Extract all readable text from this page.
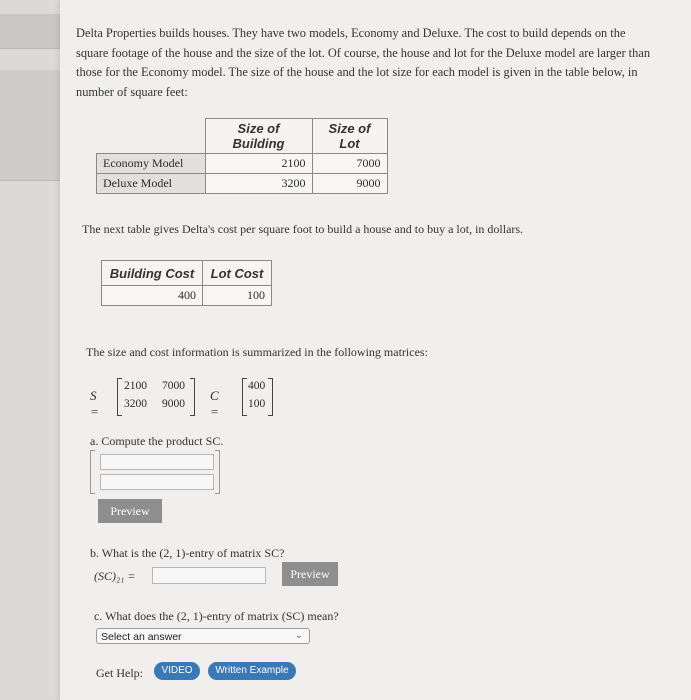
Delta Properties builds houses. They have two models, Economy and Deluxe. The cost to build depends on the square footage of the house and the size of the lot. Of course, the house and lot for the Deluxe model are larger than those for the Economy model. The size of the house and the lot size for each model is given in the table below, in number of square feet:
	Size of Building	Size of Lot
Economy Model	2100	7000
Deluxe Model	3200	9000
The next table gives Delta's cost per square foot to build a house and to buy a lot, in dollars.
Building Cost	Lot Cost
400	100
The size and cost information is summarized in the following matrices:
S =
2100 7000
3200 9000
C =
400
100
a. Compute the product SC.
Preview
b. What is the (2, 1)-entry of matrix SC?
(SC)₂₁ =	Preview
c. What does the (2, 1)-entry of matrix (SC) mean?
Select an answer	⌄
Get Help:	VIDEO	Written Example
